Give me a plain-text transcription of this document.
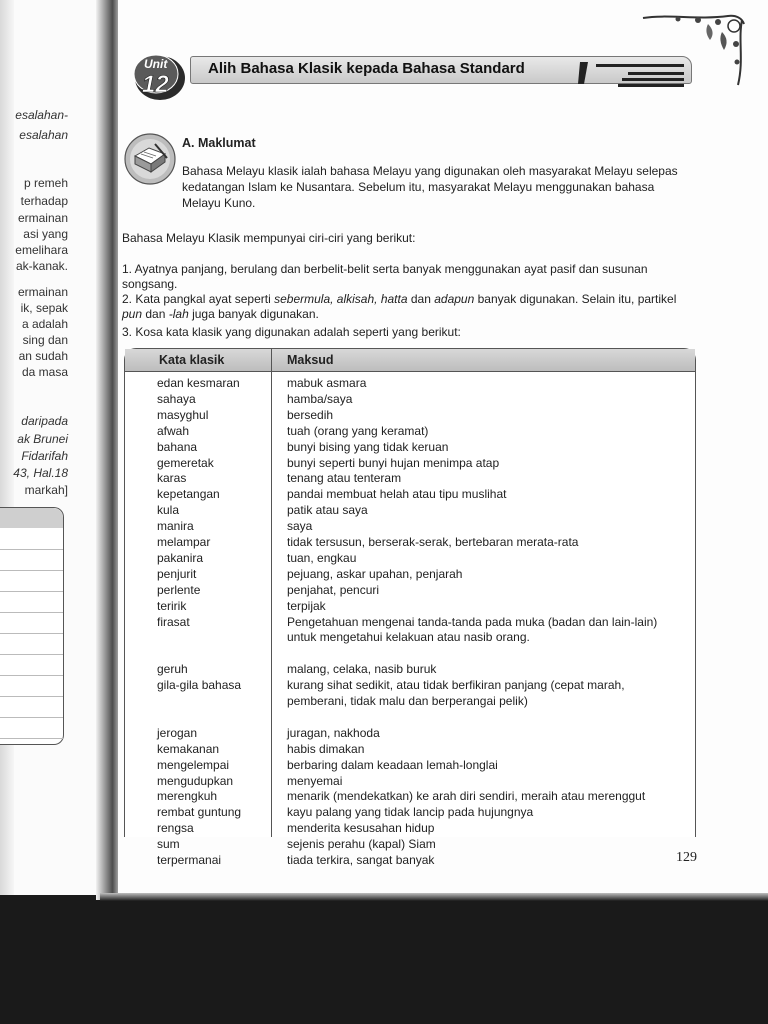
esalahan-
esalahan
p remeh
terhadap
ermainan
asi yang
emelihara
ak-kanak.
ermainan
ik, sepak
a adalah
sing dan
an sudah
da masa
daripada
ak Brunei
Fidarifah
43, Hal.18
markah]
Unit
12
Alih Bahasa Klasik kepada Bahasa Standard
A. Maklumat
Bahasa Melayu klasik ialah bahasa Melayu yang digunakan oleh masyarakat Melayu selepas kedatangan Islam ke Nusantara. Sebelum itu, masyarakat Melayu menggunakan bahasa Melayu Kuno.
Bahasa Melayu Klasik mempunyai ciri-ciri yang berikut:
1. Ayatnya panjang, berulang dan berbelit-belit serta banyak menggunakan ayat pasif dan susunan songsang.
2. Kata pangkal ayat seperti sebermula, alkisah, hatta dan adapun banyak digunakan. Selain itu, partikel pun dan -lah juga banyak digunakan.
3. Kosa kata klasik yang digunakan adalah seperti yang berikut:
Kata klasik	Maksud
edan kesmaran	mabuk asmara
sahaya	hamba/saya
masyghul	bersedih
afwah	tuah (orang yang keramat)
bahana	bunyi bising yang tidak keruan
gemeretak	bunyi seperti bunyi hujan menimpa atap
karas	tenang atau tenteram
kepetangan	pandai membuat helah atau tipu muslihat
kula	patik atau saya
manira	saya
melampar	tidak tersusun, berserak-serak, bertebaran merata-rata
pakanira	tuan, engkau
penjurit	pejuang, askar upahan, penjarah
perlente	penjahat, pencuri
teririk	terpijak
firasat	Pengetahuan mengenai tanda-tanda pada muka (badan dan lain-lain)
untuk mengetahui kelakuan atau nasib orang.
geruh	malang, celaka, nasib buruk
gila-gila bahasa	kurang sihat sedikit, atau tidak berfikiran panjang (cepat marah,
pemberani, tidak malu dan berperangai pelik)
jerogan	juragan, nakhoda
kemakanan	habis dimakan
mengelempai	berbaring dalam keadaan lemah-longlai
mengudupkan	menyemai
merengkuh	menarik (mendekatkan) ke arah diri sendiri, meraih atau merenggut
rembat guntung	kayu palang yang tidak lancip pada hujungnya
rengsa	menderita kesusahan hidup
sum	sejenis perahu (kapal) Siam
terpermanai	tiada terkira, sangat banyak	129
